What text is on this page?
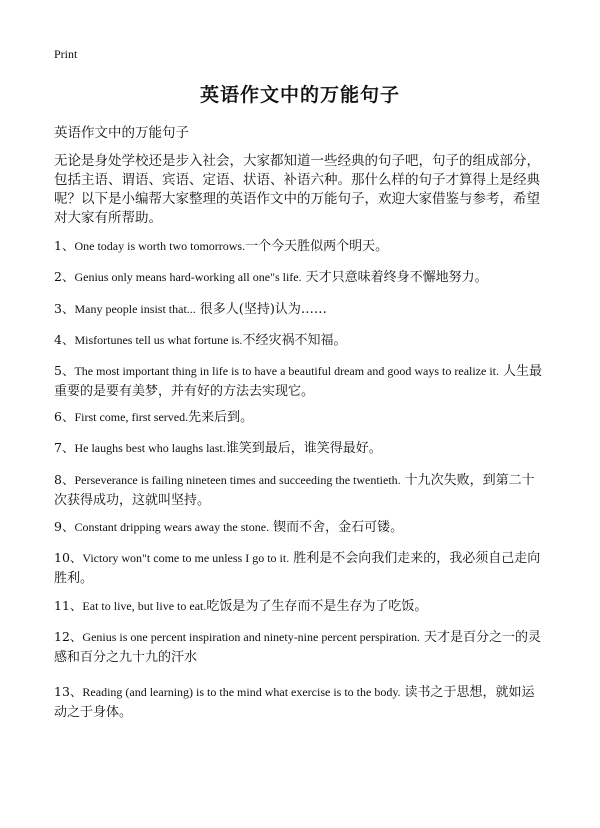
Print
英语作文中的万能句子
英语作文中的万能句子
无论是身处学校还是步入社会，大家都知道一些经典的句子吧，句子的组成部分，包括主语、谓语、宾语、定语、状语、补语六种。那什么样的句子才算得上是经典呢？以下是小编帮大家整理的英语作文中的万能句子，欢迎大家借鉴与参考，希望对大家有所帮助。
1、One today is worth two tomorrows.一个今天胜似两个明天。
2、Genius only means hard-working all one"s life. 天才只意味着终身不懈地努力。
3、Many people insist that... 很多人(坚持)认为……
4、Misfortunes tell us what fortune is.不经灾祸不知福。
5、The most important thing in life is to have a beautiful dream and good ways to realize it. 人生最重要的是要有美梦，并有好的方法去实现它。
6、First come, first served.先来后到。
7、He laughs best who laughs last.谁笑到最后，谁笑得最好。
8、Perseverance is failing nineteen times and succeeding the twentieth. 十九次失败，到第二十次获得成功，这就叫坚持。
9、Constant dripping wears away the stone. 锲而不舍，金石可镂。
10、Victory won"t come to me unless I go to it. 胜利是不会向我们走来的，我必须自己走向胜利。
11、Eat to live, but live to eat.吃饭是为了生存而不是生存为了吃饭。
12、Genius is one percent inspiration and ninety-nine percent perspiration. 天才是百分之一的灵感和百分之九十九的汗水
13、Reading (and learning) is to the mind what exercise is to the body. 读书之于思想，就如运动之于身体。
